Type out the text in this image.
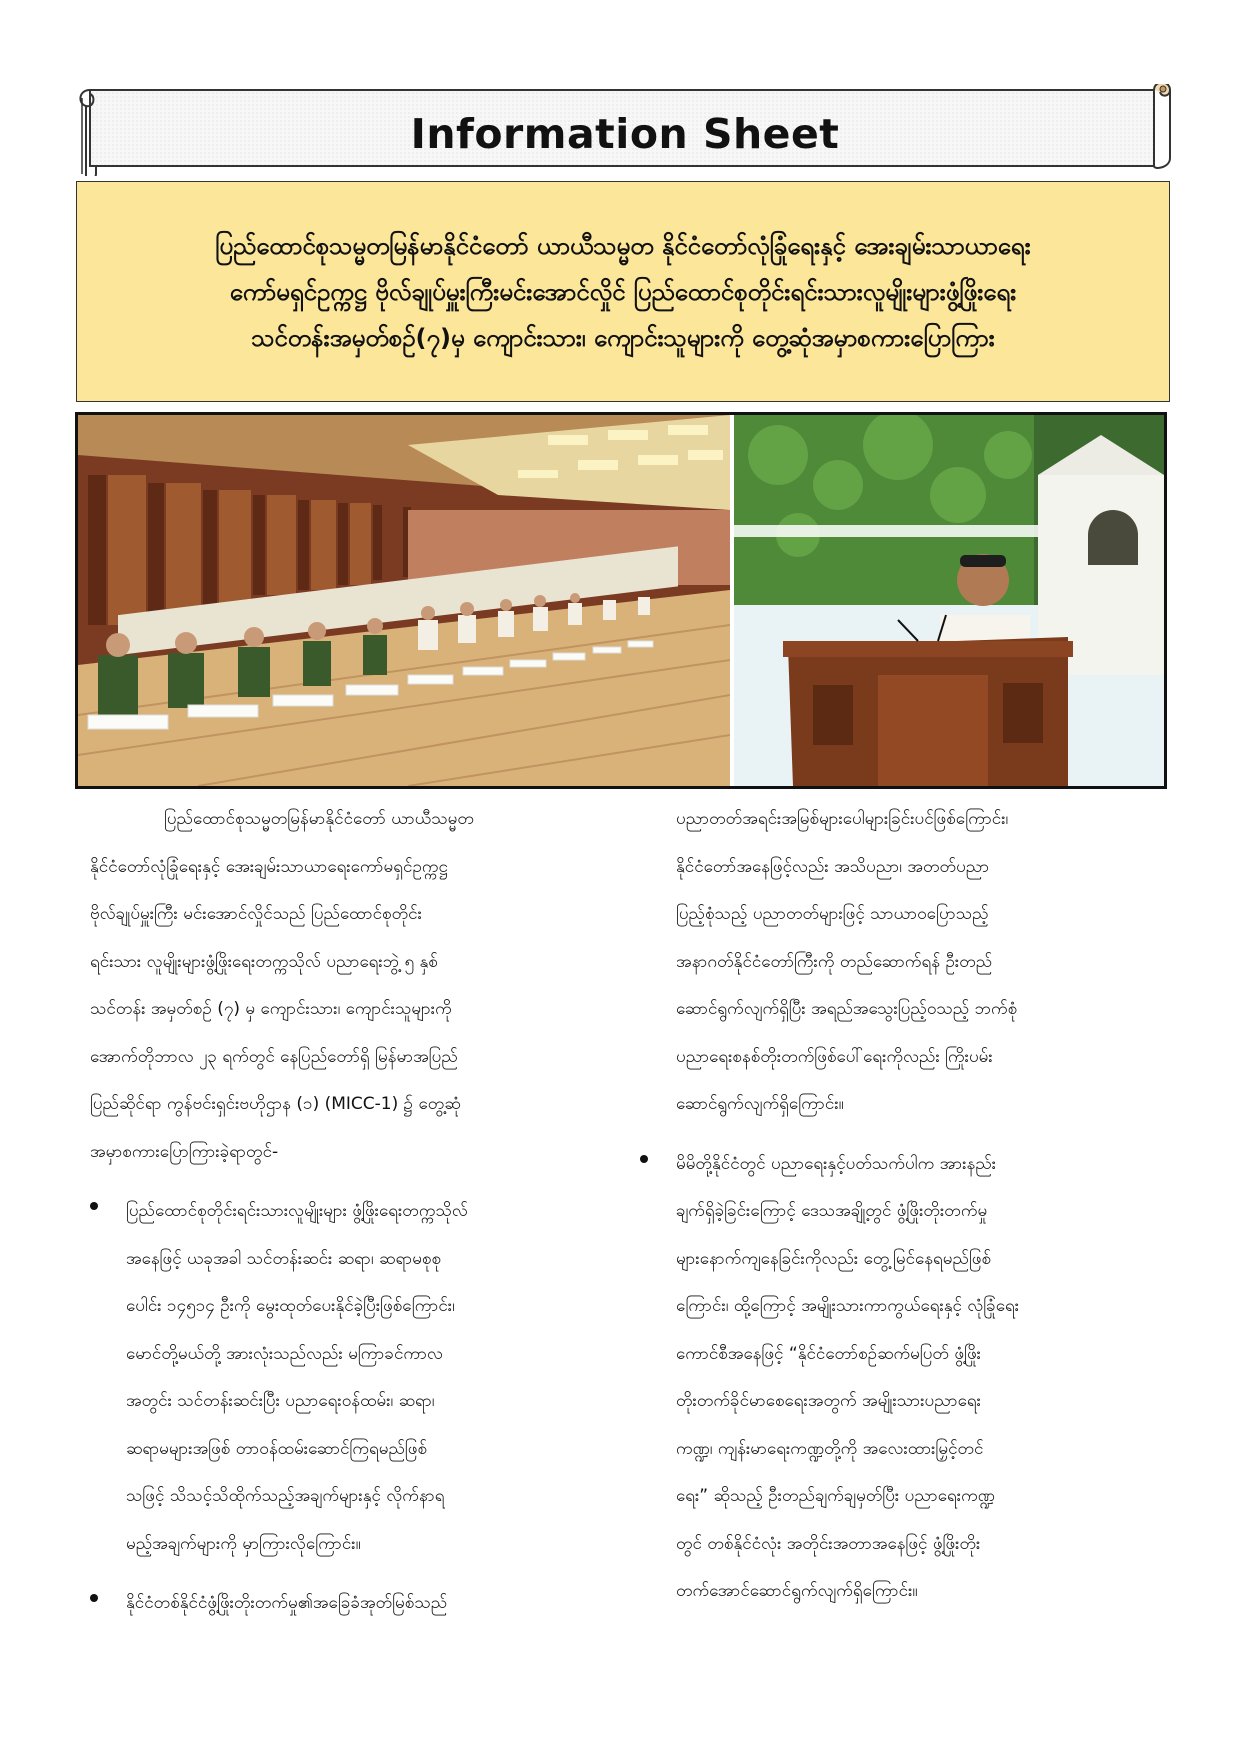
Information Sheet
ပြည်ထောင်စုသမ္မတမြန်မာနိုင်ငံတော် ယာယီသမ္မတ နိုင်ငံတော်လုံခြုံရေးနှင့် အေးချမ်းသာယာရေး
ကော်မရှင်ဥက္ကဋ္ဌ ဗိုလ်ချုပ်မှူးကြီးမင်းအောင်လှိုင် ပြည်ထောင်စုတိုင်းရင်းသားလူမျိုးများဖွံ့ဖြိုးရေး
သင်တန်းအမှတ်စဉ်(၇)မှ ကျောင်းသား၊ ကျောင်းသူများကို တွေ့ဆုံအမှာစကားပြောကြား

ပြည်ထောင်စုသမ္မတမြန်မာနိုင်ငံတော် ယာယီသမ္မတ
နိုင်ငံတော်လုံခြုံရေးနှင့် အေးချမ်းသာယာရေးကော်မရှင်ဥက္ကဋ္ဌ
ဗိုလ်ချုပ်မှူးကြီး မင်းအောင်လှိုင်သည် ပြည်ထောင်စုတိုင်း
ရင်းသား လူမျိုးများဖွံ့ဖြိုးရေးတက္ကသိုလ် ပညာရေးဘွဲ့ ၅ နှစ်
သင်တန်း အမှတ်စဉ် (၇) မှ ကျောင်းသား၊ ကျောင်းသူများကို
အောက်တိုဘာလ ၂၃ ရက်တွင် နေပြည်တော်ရှိ မြန်မာအပြည်
ပြည်ဆိုင်ရာ ကွန်ဗင်းရှင်းဗဟိုဌာန (၁) (MICC-1) ၌ တွေ့ဆုံ
အမှာစကားပြောကြားခဲ့ရာတွင်-

ပြည်ထောင်စုတိုင်းရင်းသားလူမျိုးများ ဖွံ့ဖြိုးရေးတက္ကသိုလ်
အနေဖြင့် ယခုအခါ သင်တန်းဆင်း ဆရာ၊ ဆရာမစုစု
ပေါင်း ၁၄၅၁၄ ဦးကို မွေးထုတ်ပေးနိုင်ခဲ့ပြီးဖြစ်ကြောင်း၊
မောင်တို့မယ်တို့ အားလုံးသည်လည်း မကြာခင်ကာလ
အတွင်း သင်တန်းဆင်းပြီး ပညာရေးဝန်ထမ်း၊ ဆရာ၊
ဆရာမများအဖြစ် တာဝန်ထမ်းဆောင်ကြရမည်ဖြစ်
သဖြင့် သိသင့်သိထိုက်သည့်အချက်များနှင့် လိုက်နာရ
မည့်အချက်များကို မှာကြားလိုကြောင်း။

နိုင်ငံတစ်နိုင်ငံဖွံ့ဖြိုးတိုးတက်မှု၏အခြေခံအုတ်မြစ်သည်

ပညာတတ်အရင်းအမြစ်များပေါများခြင်းပင်ဖြစ်ကြောင်း၊
နိုင်ငံတော်အနေဖြင့်လည်း အသိပညာ၊ အတတ်ပညာ
ပြည့်စုံသည့် ပညာတတ်များဖြင့် သာယာဝပြောသည့်
အနာဂတ်နိုင်ငံတော်ကြီးကို တည်ဆောက်ရန် ဦးတည်
ဆောင်ရွက်လျက်ရှိပြီး အရည်အသွေးပြည့်ဝသည့် ဘက်စုံ
ပညာရေးစနစ်တိုးတက်ဖြစ်ပေါ်ရေးကိုလည်း ကြိုးပမ်း
ဆောင်ရွက်လျက်ရှိကြောင်း။

မိမိတို့နိုင်ငံတွင် ပညာရေးနှင့်ပတ်သက်ပါက အားနည်း
ချက်ရှိခဲ့ခြင်းကြောင့် ဒေသအချို့တွင် ဖွံ့ဖြိုးတိုးတက်မှု
များနောက်ကျနေခြင်းကိုလည်း တွေ့မြင်နေရမည်ဖြစ်
ကြောင်း၊ ထို့ကြောင့် အမျိုးသားကာကွယ်ရေးနှင့် လုံခြုံရေး
ကောင်စီအနေဖြင့် “နိုင်ငံတော်စဉ်ဆက်မပြတ် ဖွံ့ဖြိုး
တိုးတက်ခိုင်မာစေရေးအတွက် အမျိုးသားပညာရေး
ကဏ္ဍ၊ ကျန်းမာရေးကဏ္ဍတို့ကို အလေးထားမြှင့်တင်
ရေး” ဆိုသည့် ဦးတည်ချက်ချမှတ်ပြီး ပညာရေးကဏ္ဍ
တွင် တစ်နိုင်ငံလုံး အတိုင်းအတာအနေဖြင့် ဖွံ့ဖြိုးတိုး
တက်အောင်ဆောင်ရွက်လျက်ရှိကြောင်း။
